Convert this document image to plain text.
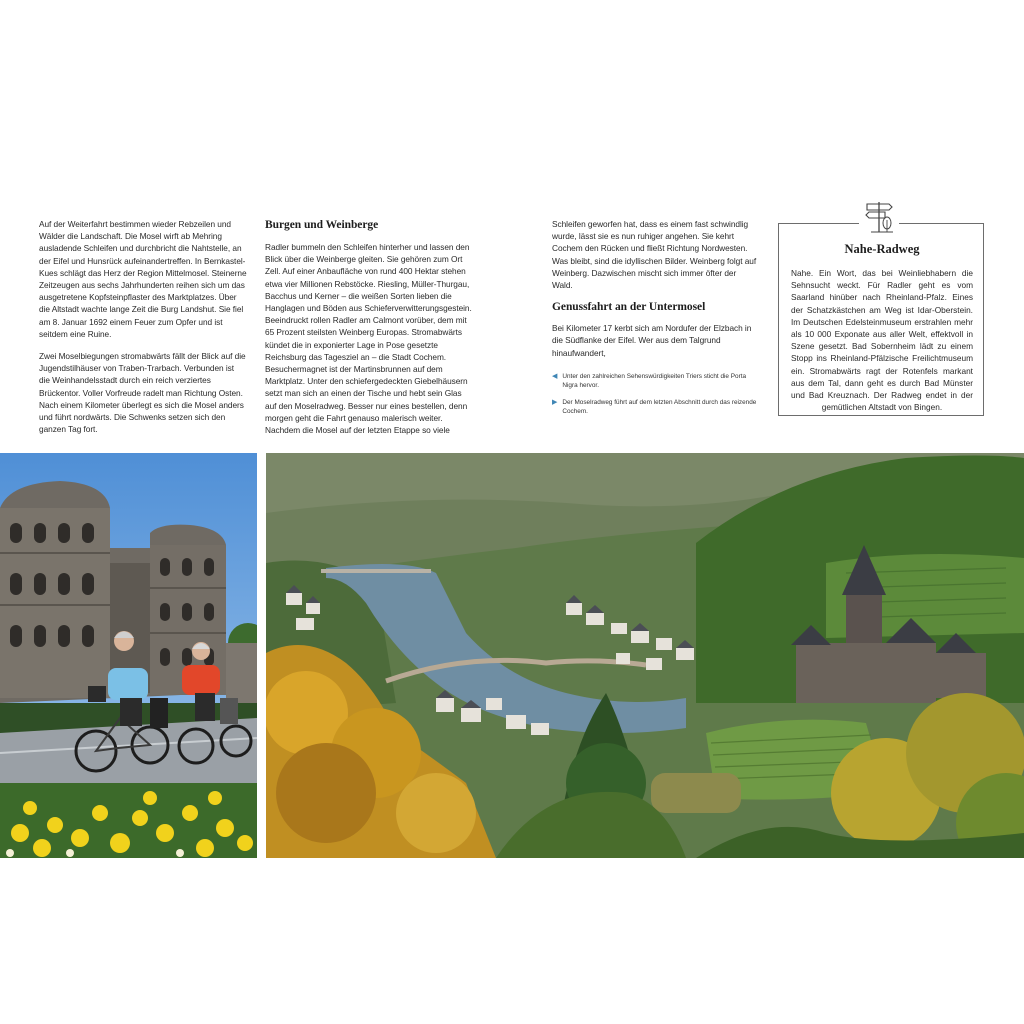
Auf der Weiterfahrt bestimmen wieder Rebzeilen und Wälder die Landschaft. Die Mosel wirft ab Mehring ausladende Schleifen und durchbricht die Nahtstelle, an der Eifel und Hunsrück aufeinandertreffen. In Bernkastel-Kues schlägt das Herz der Region Mittelmosel. Steinerne Zeitzeugen aus sechs Jahrhunderten reihen sich um das ausgetretene Kopfsteinpflaster des Marktplatzes. Über die Altstadt wachte lange Zeit die Burg Landshut. Sie fiel am 8. Januar 1692 einem Feuer zum Opfer und ist seitdem eine Ruine.

Zwei Moselbiegungen stromabwärts fällt der Blick auf die Jugendstilhäuser von Traben-Trarbach. Verbunden ist die Weinhandelsstadt durch ein reich verziertes Brückentor. Voller Vorfreude radelt man Richtung Osten. Nach einem Kilometer überlegt es sich die Mosel anders und führt nordwärts. Die Schwenks setzen sich den ganzen Tag fort.

Burgen und Weinberge

Radler bummeln den Schleifen hinterher und lassen den Blick über die Weinberge gleiten. Sie gehören zum Ort Zell. Auf einer Anbaufläche von rund 400 Hektar stehen etwa vier Millionen Rebstöcke. Riesling, Müller-Thurgau, Bacchus und Kerner – die weißen Sorten lieben die Hanglagen und Böden aus Schieferverwitterungsgestein. Beeindruckt rollen Radler am Calmont vorüber, dem mit 65 Prozent steilsten Weinberg Europas. Stromabwärts kündet die in exponierter Lage in Pose gesetzte Reichsburg das Tagesziel an – die Stadt Cochem. Besuchermagnet ist der Martinsbrunnen auf dem Marktplatz. Unter den schiefergedeckten Giebelhäusern setzt man sich an einen der Tische und hebt sein Glas auf den Moselradweg. Besser nur eines bestellen, denn morgen geht die Fahrt genauso malerisch weiter. Nachdem die Mosel auf der letzten Etappe so viele

Schleifen geworfen hat, dass es einem fast schwindlig wurde, lässt sie es nun ruhiger angehen. Sie kehrt Cochem den Rücken und fließt Richtung Nordwesten. Was bleibt, sind die idyllischen Bilder. Weinberg folgt auf Weinberg. Dazwischen mischt sich immer öfter der Wald.

Genussfahrt an der Untermosel

Bei Kilometer 17 kerbt sich am Nordufer der Elzbach in die Südflanke der Eifel. Wer aus dem Talgrund hinaufwandert,

◀ Unter den zahlreichen Sehenswürdigkeiten Triers sticht die Porta Nigra hervor.
▶ Der Moselradweg führt auf dem letzten Abschnitt durch das reizende Cochem.
Nahe-Radweg

Nahe. Ein Wort, das bei Weinliebhabern die Sehnsucht weckt. Für Radler geht es vom Saarland hinüber nach Rheinland-Pfalz. Eines der Schatzkästchen am Weg ist Idar-Oberstein. Im Deutschen Edelsteinmuseum erstrahlen mehr als 10 000 Exponate aus aller Welt, effektvoll in Szene gesetzt. Bad Sobernheim lädt zu einem Stopp ins Rheinland-Pfälzische Freilichtmuseum ein. Stromabwärts ragt der Rotenfels markant aus dem Tal, dann geht es durch Bad Münster und Bad Kreuznach. Der Radweg endet in der gemütlichen Altstadt von Bingen.
